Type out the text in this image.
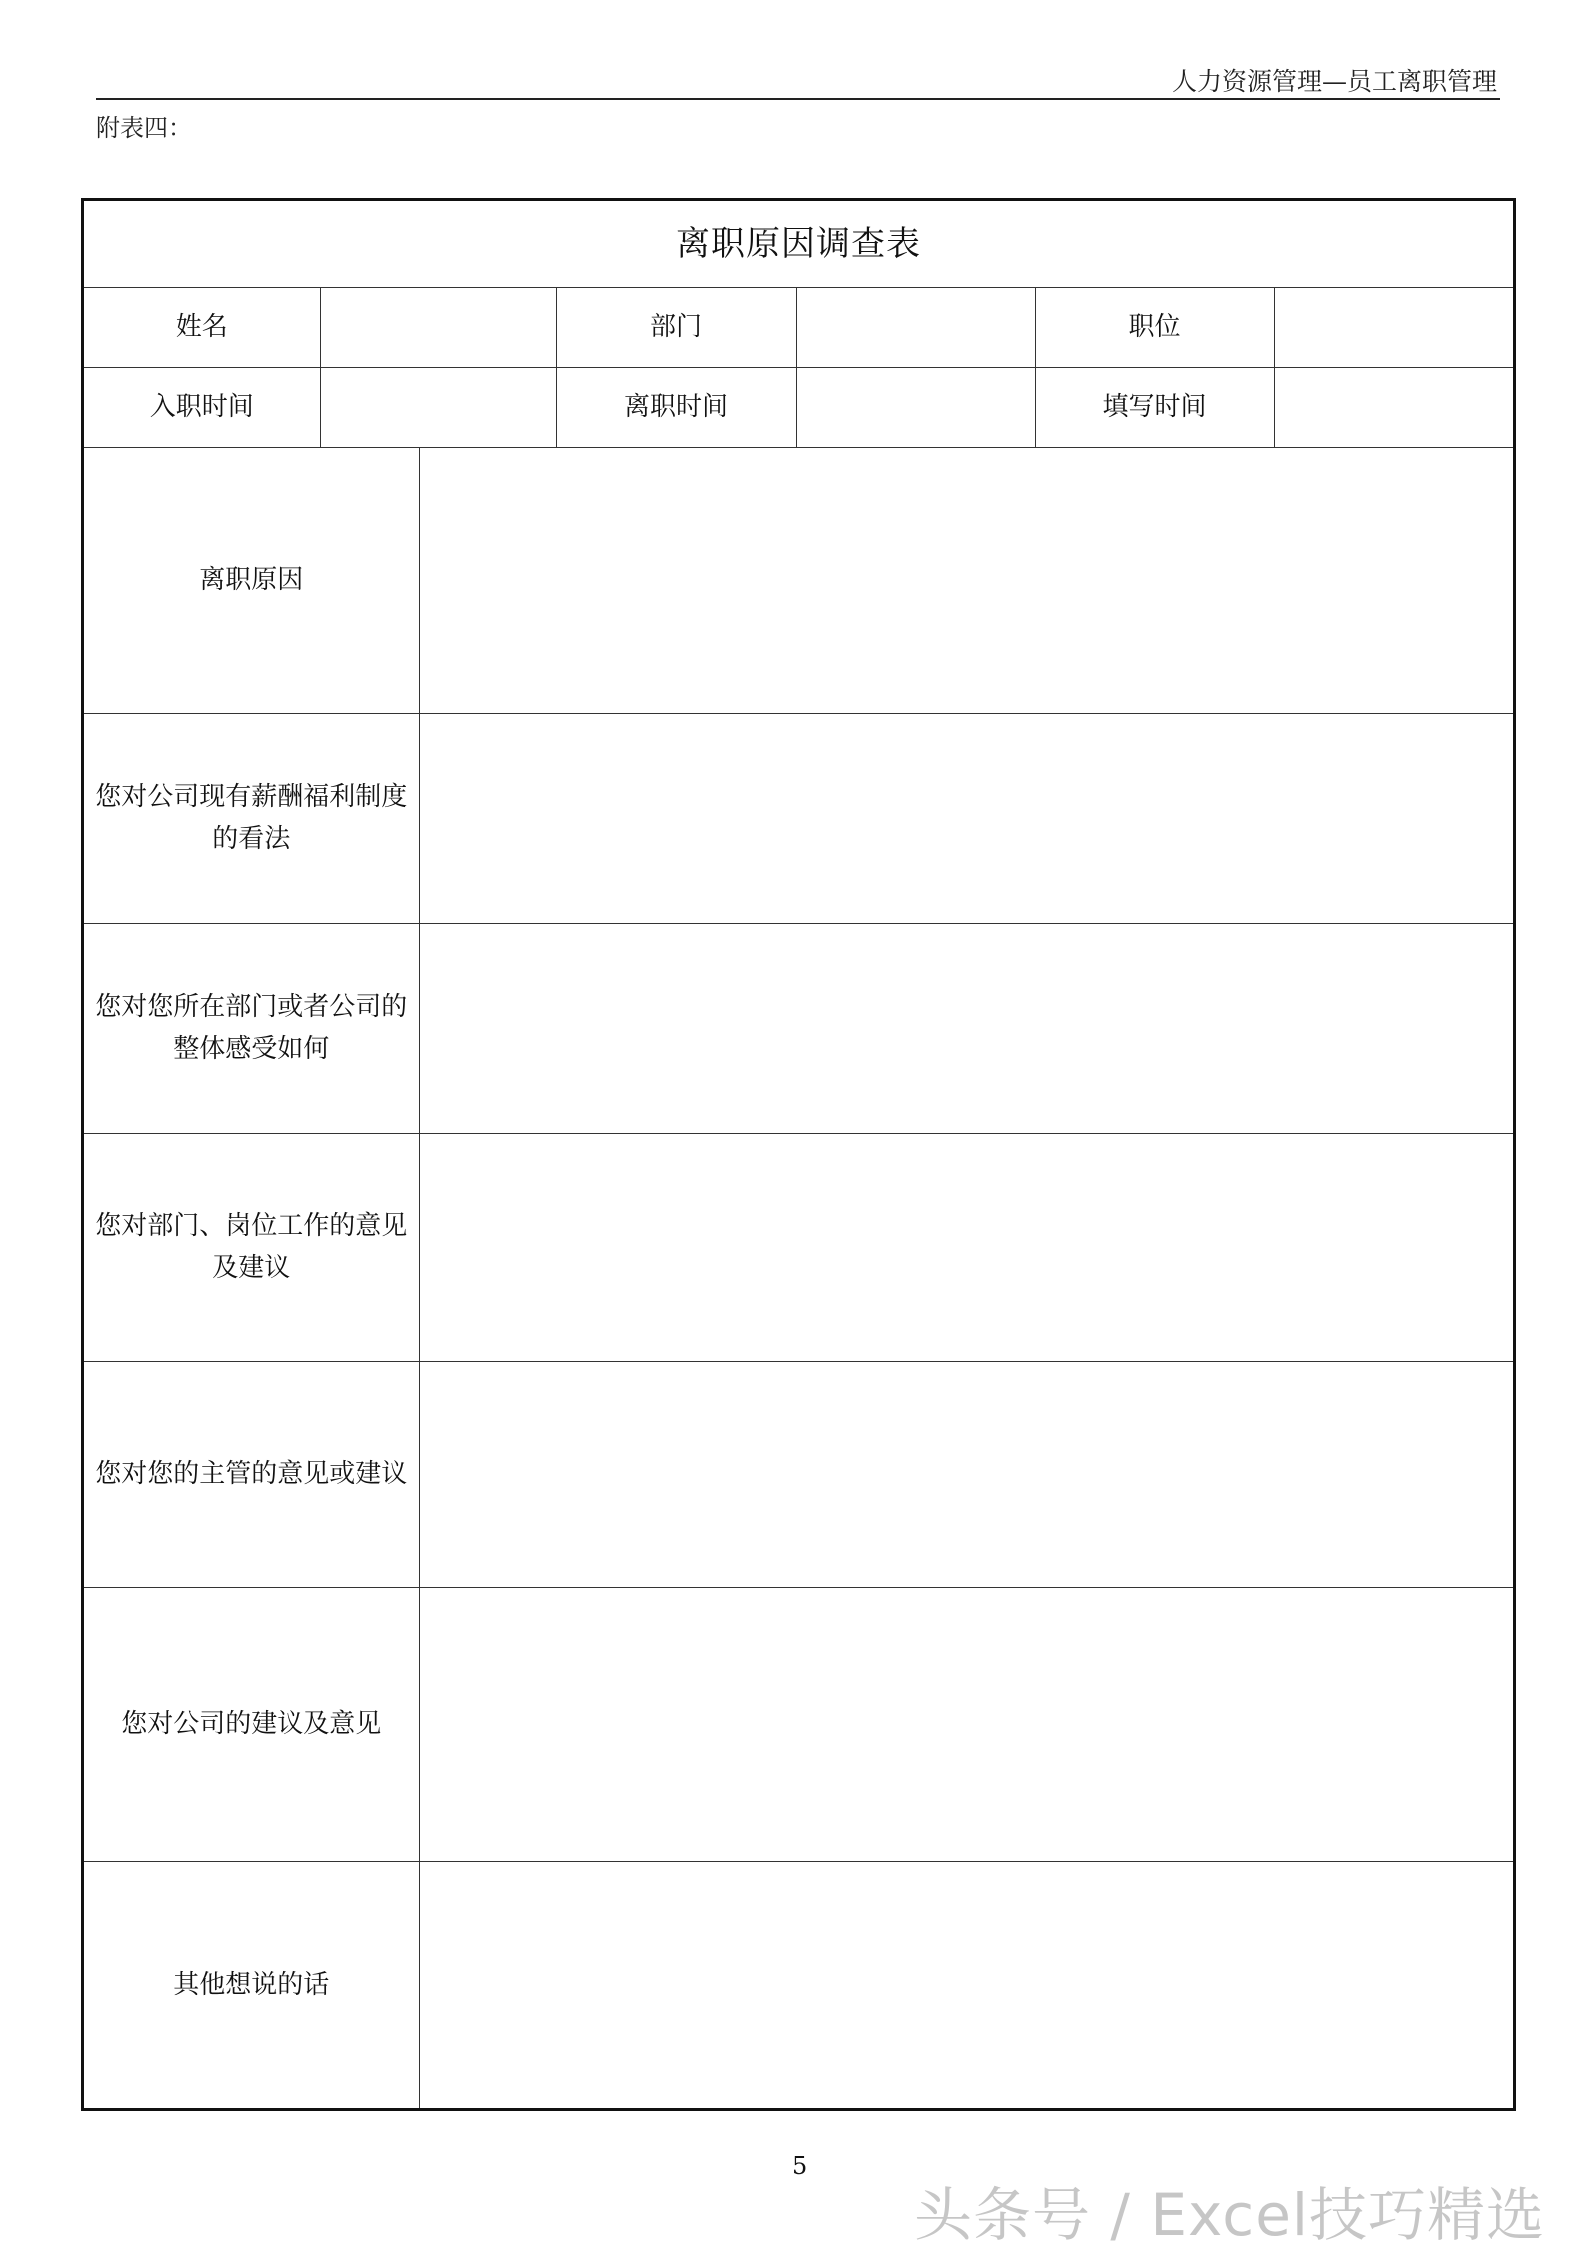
人力资源管理—员工离职管理
附表四：
离职原因调查表						
姓名			部门		职位	
入职时间			离职时间		填写时间	
离职原因						
您对公司现有薪酬福利制度的看法						
您对您所在部门或者公司的整体感受如何						
您对部门、岗位工作的意见及建议						
您对您的主管的意见或建议						
您对公司的建议及意见						
其他想说的话						
5
头条号 / Excel技巧精选
